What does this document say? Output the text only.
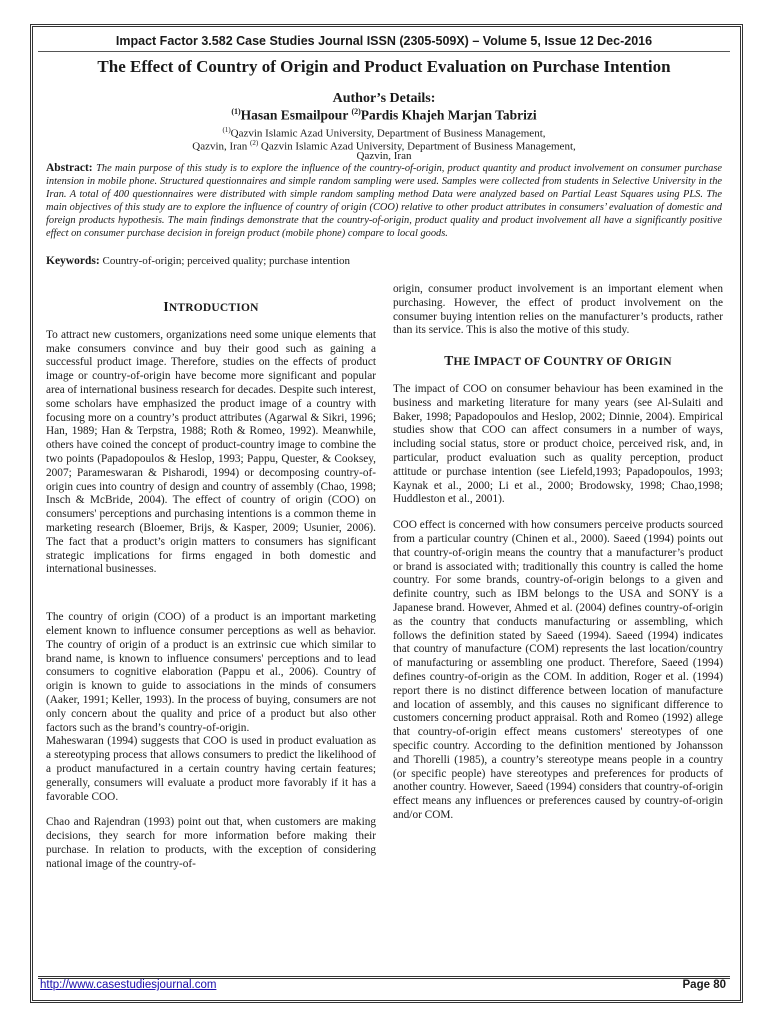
Impact Factor 3.582 Case Studies Journal ISSN (2305-509X) – Volume 5, Issue 12 Dec-2016
The Effect of Country of Origin and Product Evaluation on Purchase Intention
Author’s Details:
$^{(1)}$Hasan Esmailpour $^{(2)}$Pardis Khajeh Marjan Tabrizi
$^{(1)}$Qazvin Islamic Azad University, Department of Business Management,
Qazvin, Iran $^{(2)}$ Qazvin Islamic Azad University, Department of Business Management,
Qazvin, Iran
Abstract: The main purpose of this study is to explore the influence of the country-of-origin, product quantity and product involvement on consumer purchase intension in mobile phone. Structured questionnaires and simple random sampling were used. Samples were collected from students in Selective University in the Iran. A total of 400 questionnaires were distributed with simple random sampling method Data were analyzed based on Partial Least Squares using PLS. The main objectives of this study are to explore the influence of country of origin (COO) relative to other product attributes in consumers’ evaluation of domestic and foreign products hypothesis. The main findings demonstrate that the country-of-origin, product quality and product involvement all have a significantly positive effect on consumer purchase decision in foreign product (mobile phone) compare to local goods.
Keywords: Country-of-origin; perceived quality; purchase intention
INTRODUCTION

To attract new customers, organizations need some unique elements that make consumers convince and buy their good such as gaining a successful product image. Therefore, studies on the effects of product image or country-of-origin have become more significant and popular area of international business research for decades. Despite such interest, some scholars have emphasized the product image of a country with focusing more on a country’s product attributes (Agarwal & Sikri, 1996; Han, 1989; Han & Terpstra, 1988; Roth & Romeo, 1992). Meanwhile, others have coined the concept of product-country image to combine the two points (Papadopoulos & Heslop, 1993; Pappu, Quester, & Cooksey, 2007; Parameswaran & Pisharodi, 1994) or decomposing country-of-origin cues into country of design and country of assembly (Chao, 1998; Insch & McBride, 2004). The effect of country of origin (COO) on consumers' perceptions and purchasing intentions is a common theme in marketing research (Bloemer, Brijs, & Kasper, 2009; Usunier, 2006). The fact that a product’s origin matters to consumers has significant strategic implications for firms engaged in both domestic and international businesses.

The country of origin (COO) of a product is an important marketing element known to influence consumer perceptions as well as behavior. The country of origin of a product is an extrinsic cue which similar to brand name, is known to influence consumers' perceptions and to lead consumers to cognitive elaboration (Pappu et al., 2006). Country of origin is known to guide to associations in the minds of consumers (Aaker, 1991; Keller, 1993). In the process of buying, consumers are not only concern about the quality and price of a product but also other factors such as the brand’s country-of-origin.

Maheswaran (1994) suggests that COO is used in product evaluation as a stereotyping process that allows consumers to predict the likelihood of a product manufactured in a certain country having certain features; generally, consumers will evaluate a product more favorably if it has a favorable COO.

Chao and Rajendran (1993) point out that, when customers are making decisions, they search for more information before making their purchase. In relation to products, with the exception of considering national image of the country-of-

origin, consumer product involvement is an important element when purchasing. However, the effect of product involvement on the consumer buying intention relies on the manufacturer’s products, rather than its service. This is also the motive of this study.

THE IMPACT OF COUNTRY OF ORIGIN

The impact of COO on consumer behaviour has been examined in the business and marketing literature for many years (see Al-Sulaiti and Baker, 1998; Papadopoulos and Heslop, 2002; Dinnie, 2004). Empirical studies show that COO can affect consumers in a number of ways, including social status, store or product choice, perceived risk, and, in particular, product evaluation such as quality perception, product attitude or purchase intention (see Liefeld,1993; Papadopoulos, 1993; Kaynak et al., 2000; Li et al., 2000; Brodowsky, 1998; Chao,1998; Huddleston et al., 2001).

COO effect is concerned with how consumers perceive products sourced from a particular country (Chinen et al., 2000). Saeed (1994) points out that country-of-origin means the country that a manufacturer’s product or brand is associated with; traditionally this country is called the home country. For some brands, country-of-origin belongs to a given and definite country, such as IBM belongs to the USA and SONY is a Japanese brand. However, Ahmed et al. (2004) defines country-of-origin as the country that conducts manufacturing or assembling, which follows the definition stated by Saeed (1994). Saeed (1994) indicates that country of manufacture (COM) represents the last location/country of manufacturing or assembling one product. Therefore, Saeed (1994) defines country-of-origin as the COM. In addition, Roger et al. (1994) report there is no distinct difference between location of manufacture and location of assembly, and this causes no significant difference to customers concerning product appraisal. Roth and Romeo (1992) allege that country-of-origin effect means customers' stereotypes of one specific country. According to the definition mentioned by Johansson and Thorelli (1985), a country’s stereotype means people in a country (or specific people) have stereotypes and preferences for products of another country. However, Saeed (1994) considers that country-of-origin effect means any influences or preferences caused by country-of-origin and/or COM.

http://www.casestudiesjournal.com	Page 80
